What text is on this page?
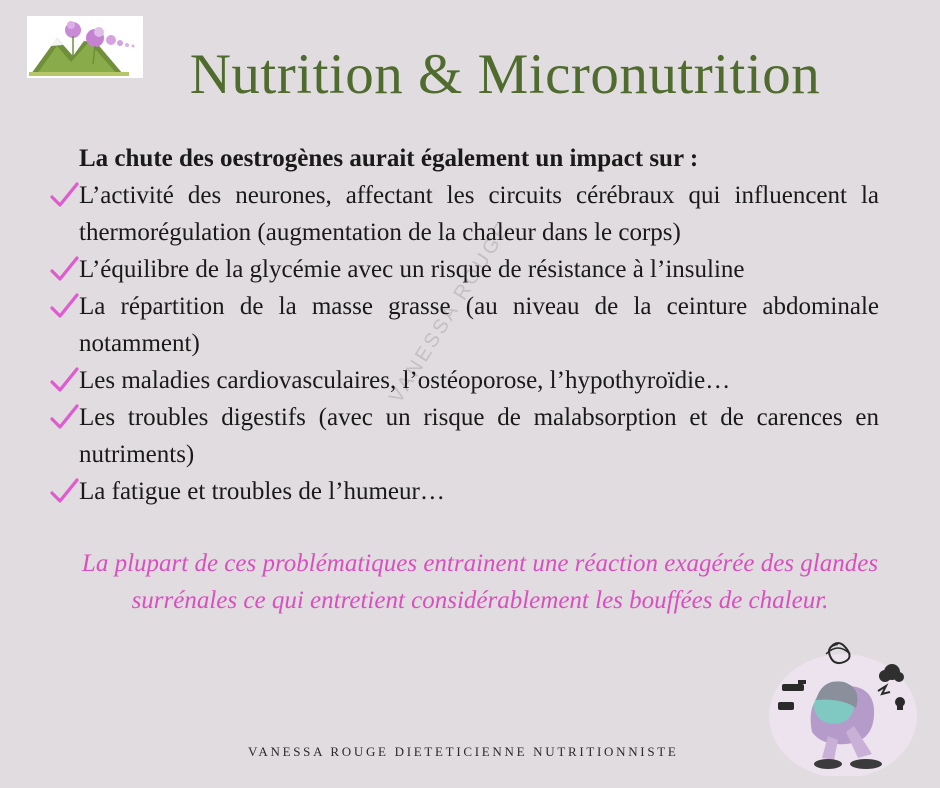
Nutrition & Micronutrition
VANESSA ROUGE
La chute des oestrogènes aurait également un impact sur :
L’activité des neurones, affectant les circuits cérébraux qui influencent la thermorégulation (augmentation de la chaleur dans le corps)
L’équilibre de la glycémie avec un risque de résistance à l’insuline
La répartition de la masse grasse (au niveau de la ceinture abdominale notamment)
Les maladies cardiovasculaires, l’ostéoporose, l’hypothyroïdie…
Les troubles digestifs (avec un risque de malabsorption et de carences en nutriments)
La fatigue et troubles de l’humeur…
La plupart de ces problématiques entrainent une réaction exagérée des glandes surrénales ce qui entretient considérablement les bouffées de chaleur.
VANESSA ROUGE DIETETICIENNE NUTRITIONNISTE
